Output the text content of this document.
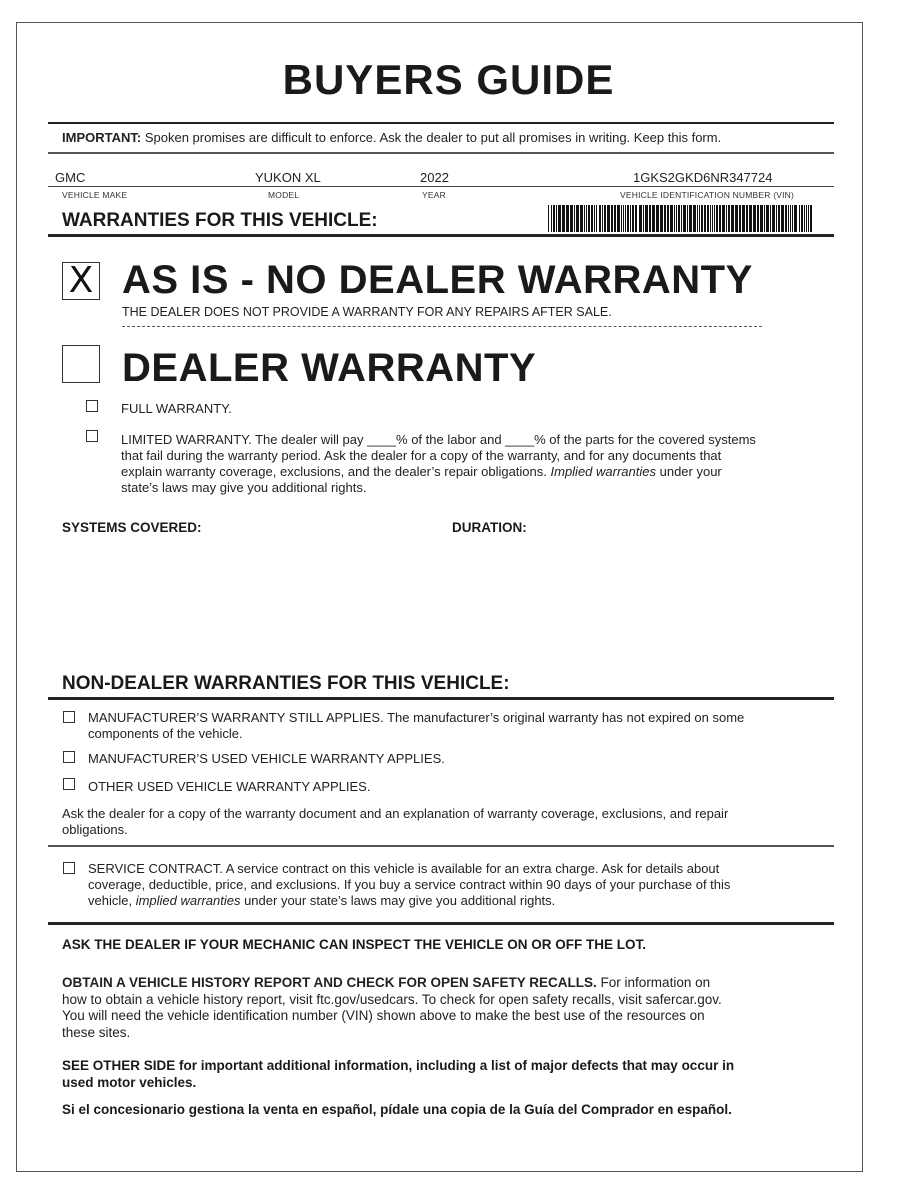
BUYERS GUIDE
IMPORTANT: Spoken promises are difficult to enforce. Ask the dealer to put all promises in writing. Keep this form.
GMC	YUKON XL	2022	1GKS2GKD6NR347724
VEHICLE MAKE	MODEL	YEAR	VEHICLE IDENTIFICATION NUMBER (VIN)
WARRANTIES FOR THIS VEHICLE:
X AS IS - NO DEALER WARRANTY
THE DEALER DOES NOT PROVIDE A WARRANTY FOR ANY REPAIRS AFTER SALE.
DEALER WARRANTY
FULL WARRANTY.
LIMITED WARRANTY. The dealer will pay ____% of the labor and ____% of the parts for the covered systems
that fail during the warranty period. Ask the dealer for a copy of the warranty, and for any documents that
explain warranty coverage, exclusions, and the dealer’s repair obligations. Implied warranties under your
state’s laws may give you additional rights.
SYSTEMS COVERED:	DURATION:
NON-DEALER WARRANTIES FOR THIS VEHICLE:
MANUFACTURER’S WARRANTY STILL APPLIES. The manufacturer’s original warranty has not expired on some
components of the vehicle.
MANUFACTURER’S USED VEHICLE WARRANTY APPLIES.
OTHER USED VEHICLE WARRANTY APPLIES.
Ask the dealer for a copy of the warranty document and an explanation of warranty coverage, exclusions, and repair
obligations.
SERVICE CONTRACT. A service contract on this vehicle is available for an extra charge. Ask for details about
coverage, deductible, price, and exclusions. If you buy a service contract within 90 days of your purchase of this
vehicle, implied warranties under your state’s laws may give you additional rights.
ASK THE DEALER IF YOUR MECHANIC CAN INSPECT THE VEHICLE ON OR OFF THE LOT.
OBTAIN A VEHICLE HISTORY REPORT AND CHECK FOR OPEN SAFETY RECALLS. For information on
how to obtain a vehicle history report, visit ftc.gov/usedcars. To check for open safety recalls, visit safercar.gov.
You will need the vehicle identification number (VIN) shown above to make the best use of the resources on
these sites.
SEE OTHER SIDE for important additional information, including a list of major defects that may occur in
used motor vehicles.
Si el concesionario gestiona la venta en español, pídale una copia de la Guía del Comprador en español.
